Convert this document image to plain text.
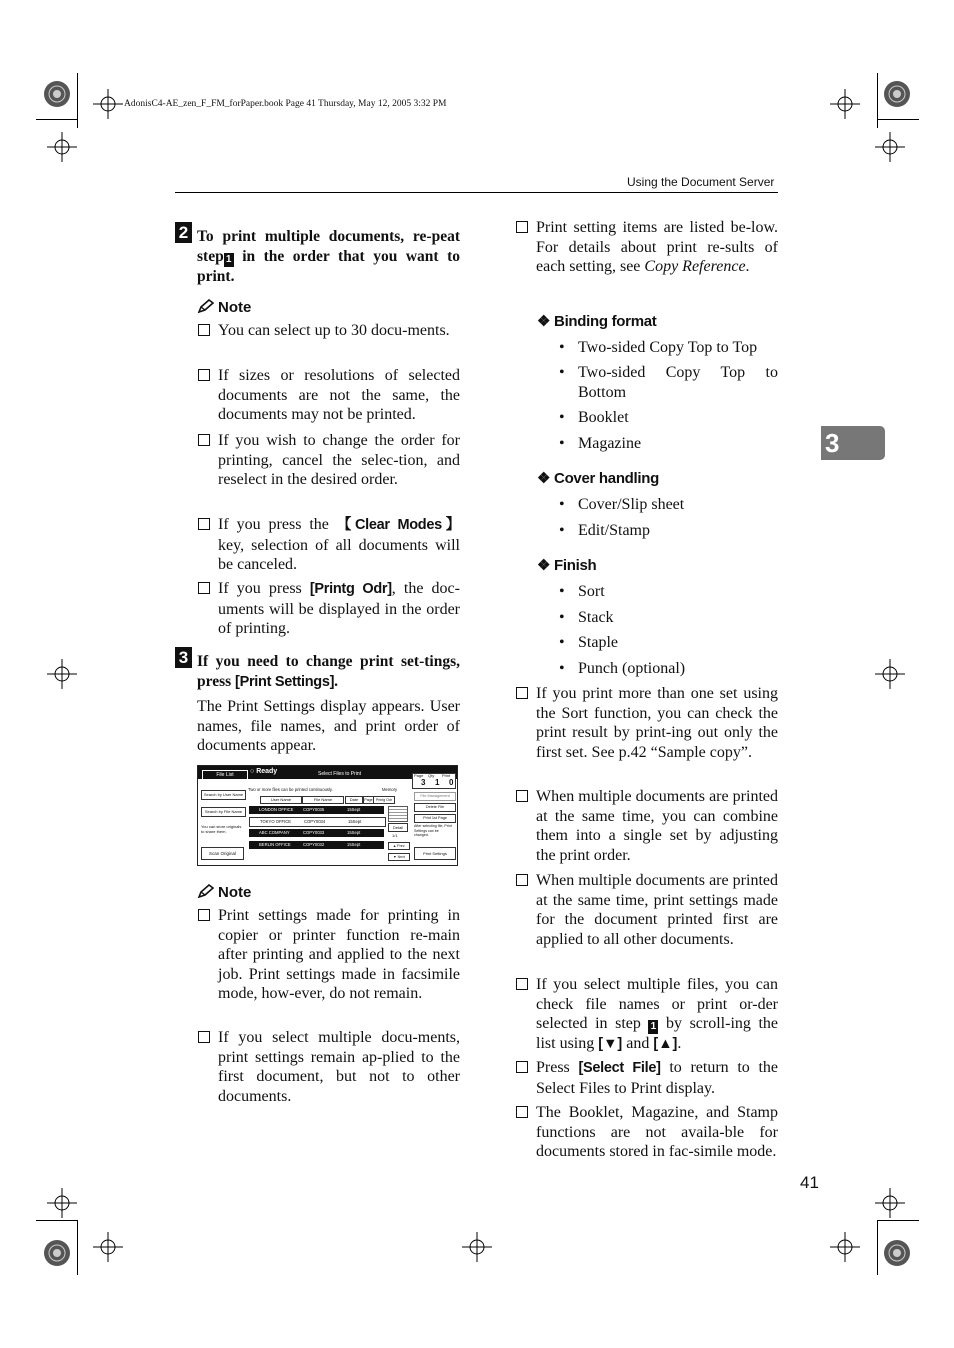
AdonisC4-AE_zen_F_FM_forPaper.book Page 41 Thursday, May 12, 2005 3:32 PM
Using the Document Server
3
2 To print multiple documents, re-peat step 1 in the order that you want to print.
Note
You can select up to 30 docu-ments.
If sizes or resolutions of selected documents are not the same, the documents may not be printed.
If you wish to change the order for printing, cancel the selec-tion, and reselect in the desired order.
If you press the 【Clear Modes】 key, selection of all documents will be canceled.
If you press [Printg Odr], the doc-uments will be displayed in the order of printing.
3 If you need to change print set-tings, press [Print Settings].
The Print Settings display appears. User names, file names, and print order of documents appear.
File List	○ Ready	Select Files to Print	Page Qty Print
3 1 0
Two or more files can be printed continuously.	Memory
Search by User Name
Search by File Name
You can store originals to share them.
Scan Original
User Name	File Name	Date	Page Printg Odr
LONDON OFFICE COPY0035	15Sept
TOKYO OFFICE	COPY0034	15Sept
ABC COMPANY	COPY0033	15Sept
BERLIN OFFICE	COPY0032	15Sept
Detail
1/1
▲ Prev.
▼ Next
File Management
Delete File
Print 1st Page
After selecting file, Print Settings can be changed.
Print Settings
Note
Print settings made for printing in copier or printer function re-main after printing and applied to the next job. Print settings made in facsimile mode, how-ever, do not remain.
If you select multiple docu-ments, print settings remain ap-plied to the first document, but not to other documents.
Print setting items are listed be-low. For details about print re-sults of each setting, see Copy Reference.
❖ Binding format
• Two-sided Copy Top to Top
• Two-sided Copy Top to Bottom
• Booklet
• Magazine
❖ Cover handling
• Cover/Slip sheet
• Edit/Stamp
❖ Finish
• Sort
• Stack
• Staple
• Punch (optional)
If you print more than one set using the Sort function, you can check the print result by print-ing out only the first set. See p.42 “Sample copy”.
When multiple documents are printed at the same time, you can combine them into a single set by adjusting the print order.
When multiple documents are printed at the same time, print settings made for the document printed first are applied to all other documents.
If you select multiple files, you can check file names or print or-der selected in step 1 by scroll-ing the list using [▼] and [▲].
Press [Select File] to return to the Select Files to Print display.
The Booklet, Magazine, and Stamp functions are not availa-ble for documents stored in fac-simile mode.
41
